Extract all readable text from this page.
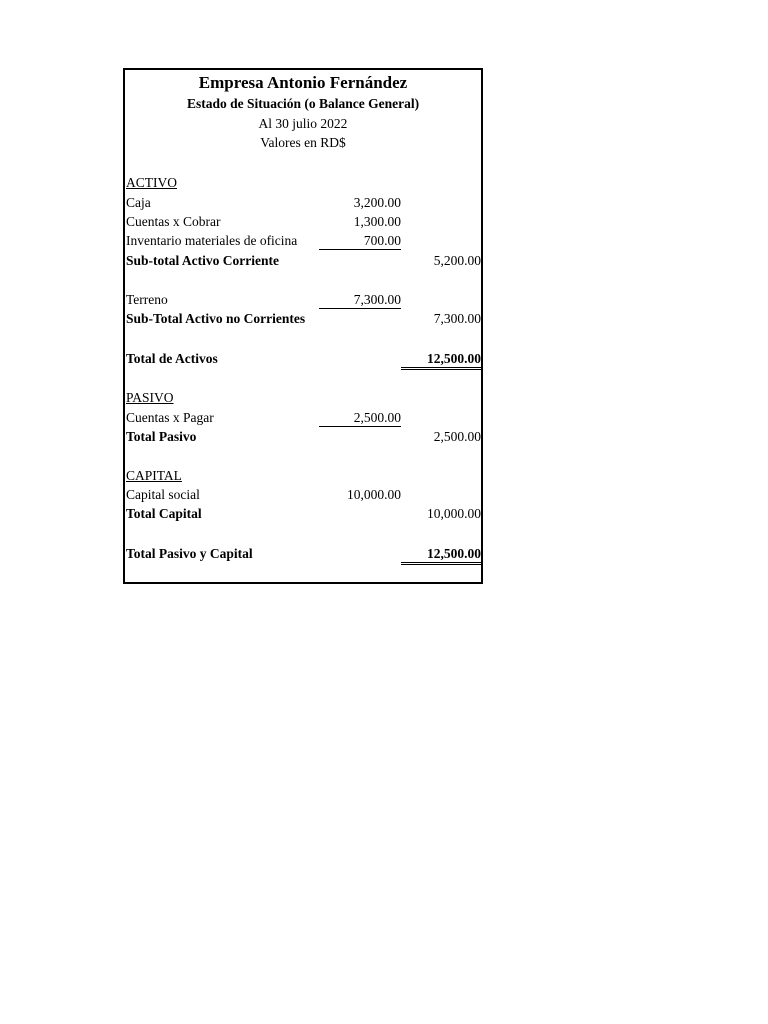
Empresa Antonio Fernández
Estado de Situación (o Balance General)
Al 30 julio 2022
Valores en RD$
ACTIVO
Caja	3,200.00
Cuentas x Cobrar	1,300.00
Inventario materiales de oficina	700.00
Sub-total Activo Corriente	5,200.00
Terreno	7,300.00
Sub-Total Activo no Corrientes	7,300.00
Total de Activos	12,500.00
PASIVO
Cuentas x Pagar	2,500.00
Total Pasivo	2,500.00
CAPITAL
Capital social	10,000.00
Total Capital	10,000.00
Total Pasivo y Capital	12,500.00
